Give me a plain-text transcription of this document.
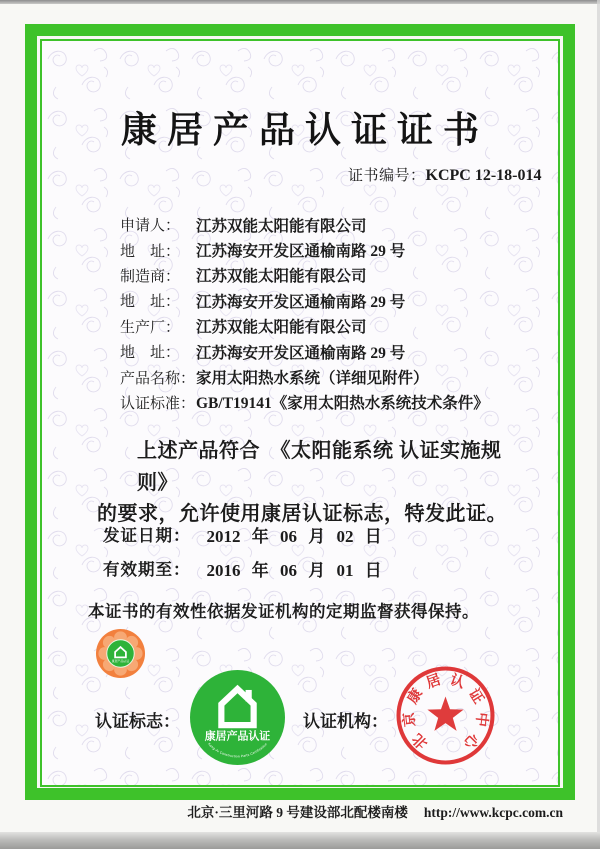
康居产品认证证书
证书编号：KCPC 12-18-014
申请人：	江苏双能太阳能有限公司
地　址：	江苏海安开发区通榆南路 29 号
制造商：	江苏双能太阳能有限公司
地　址：	江苏海安开发区通榆南路 29 号
生产厂：	江苏双能太阳能有限公司
地　址：	江苏海安开发区通榆南路 29 号
产品名称： 家用太阳热水系统（详细见附件）
认证标准： GB/T19141《家用太阳热水系统技术条件》

上述产品符合　《太阳能系统 认证实施规则》

的要求，允许使用康居认证标志，特发此证。

发证日期： 2012 年 06 月 02 日
有效期至： 2016 年 06 月 01 日

本证书的有效性依据发证机构的定期监督获得保持。

康居产品认证
认证标志：
康居产品认证
Kang-Ju Construction Parts Certification
认证机构：
北
京
康
居 认
证
中
心
北京·三里河路 9 号建设部北配楼南楼 http://www.kcpc.com.cn
